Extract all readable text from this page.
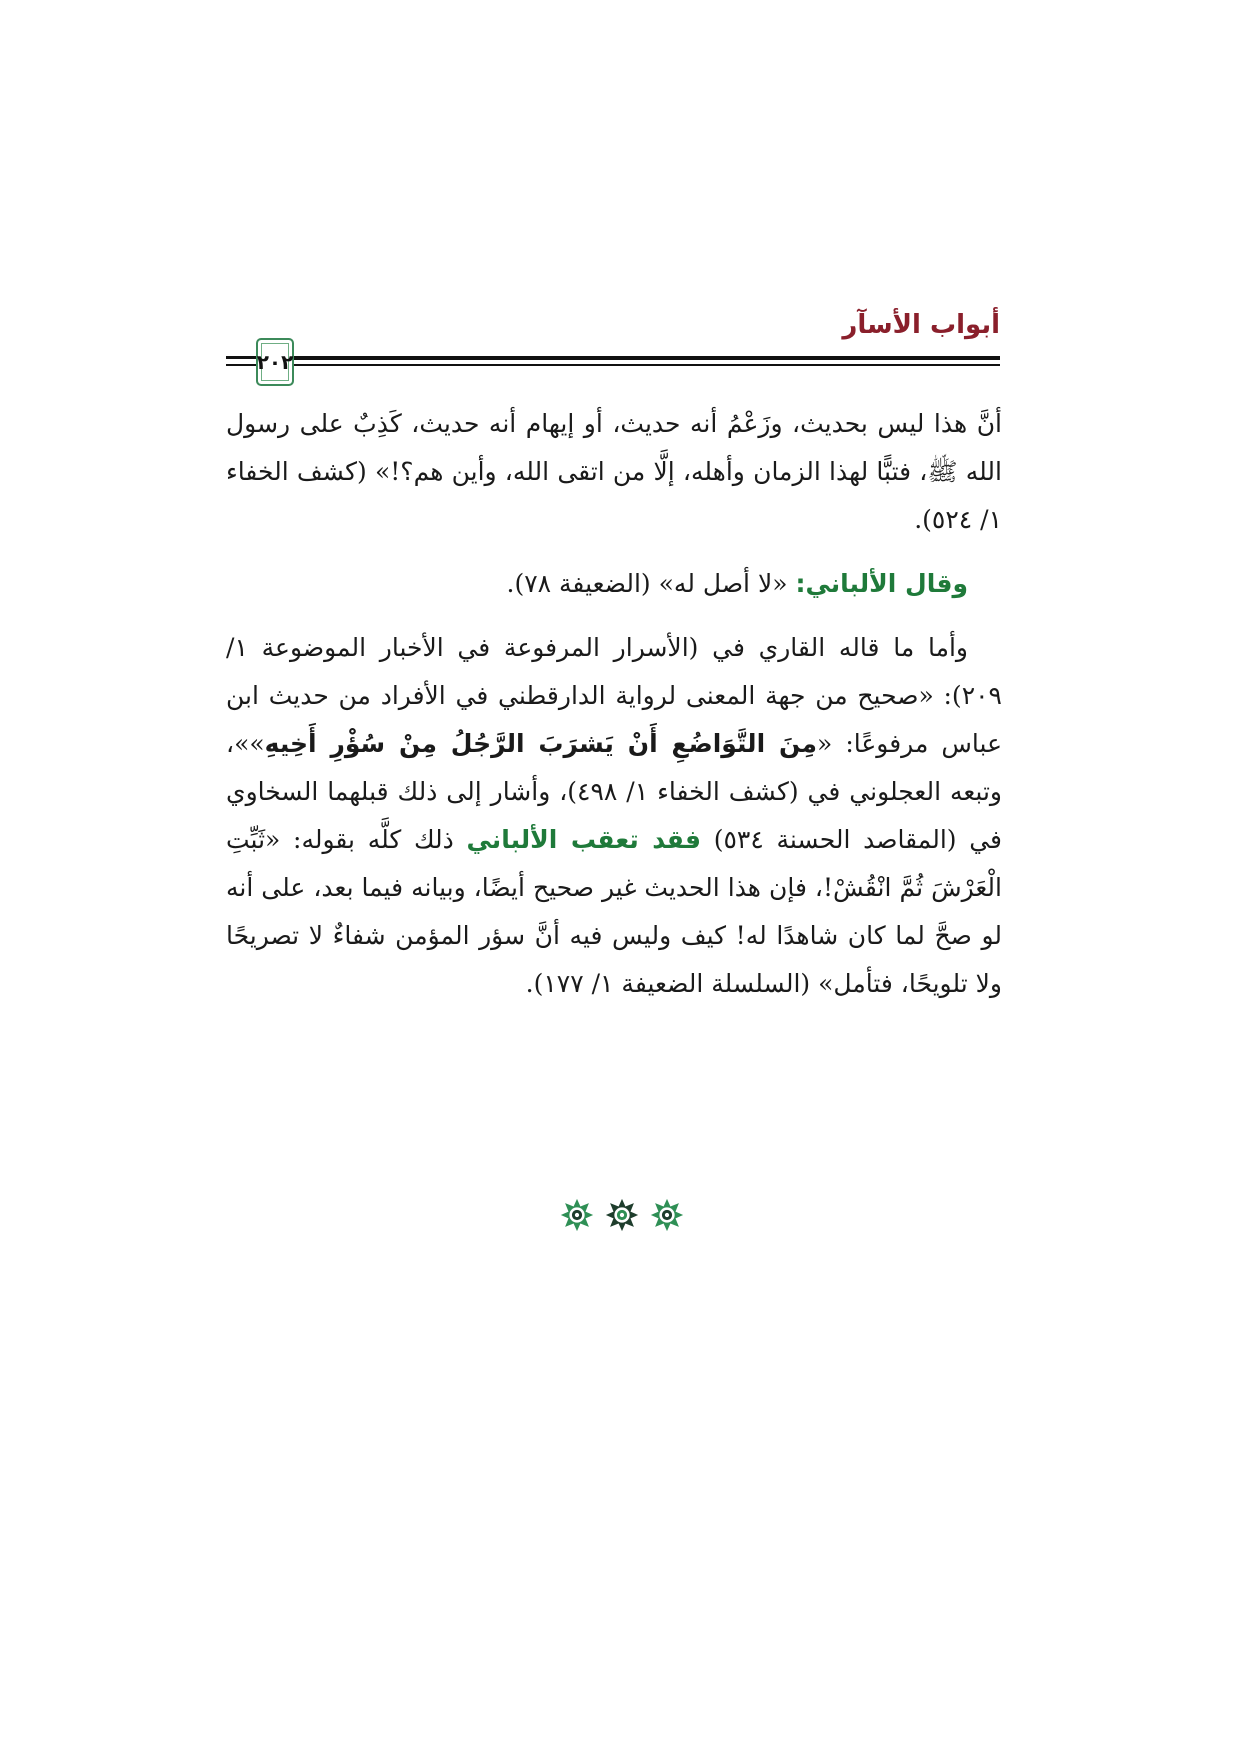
أبواب الأسآر
٢٠٢

أنَّ هذا ليس بحديث، وزَعْمُ أنه حديث، أو إيهام أنه حديث، كَذِبٌ على رسول الله ﷺ، فتبًّا لهذا الزمان وأهله، إلَّا من اتقى الله، وأين هم؟!» (كشف الخفاء ١/ ٥٢٤).

وقال الألباني: «لا أصل له» (الضعيفة ٧٨).

وأما ما قاله القاري في (الأسرار المرفوعة في الأخبار الموضوعة ١/ ٢٠٩): «صحيح من جهة المعنى لرواية الدارقطني في الأفراد من حديث ابن عباس مرفوعًا: «مِنَ التَّوَاضُعِ أَنْ يَشرَبَ الرَّجُلُ مِنْ سُؤْرِ أَخِيهِ»»، وتبعه العجلوني في (كشف الخفاء ١/ ٤٩٨)، وأشار إلى ذلك قبلهما السخاوي في (المقاصد الحسنة ٥٣٤) فقد تعقب الألباني ذلك كلَّه بقوله: «ثَبِّتِ الْعَرْشَ ثُمَّ انْقُشْ!، فإن هذا الحديث غير صحيح أيضًا، وبيانه فيما بعد، على أنه لو صحَّ لما كان شاهدًا له! كيف وليس فيه أنَّ سؤر المؤمن شفاءٌ لا تصريحًا ولا تلويحًا، فتأمل» (السلسلة الضعيفة ١/ ١٧٧).
